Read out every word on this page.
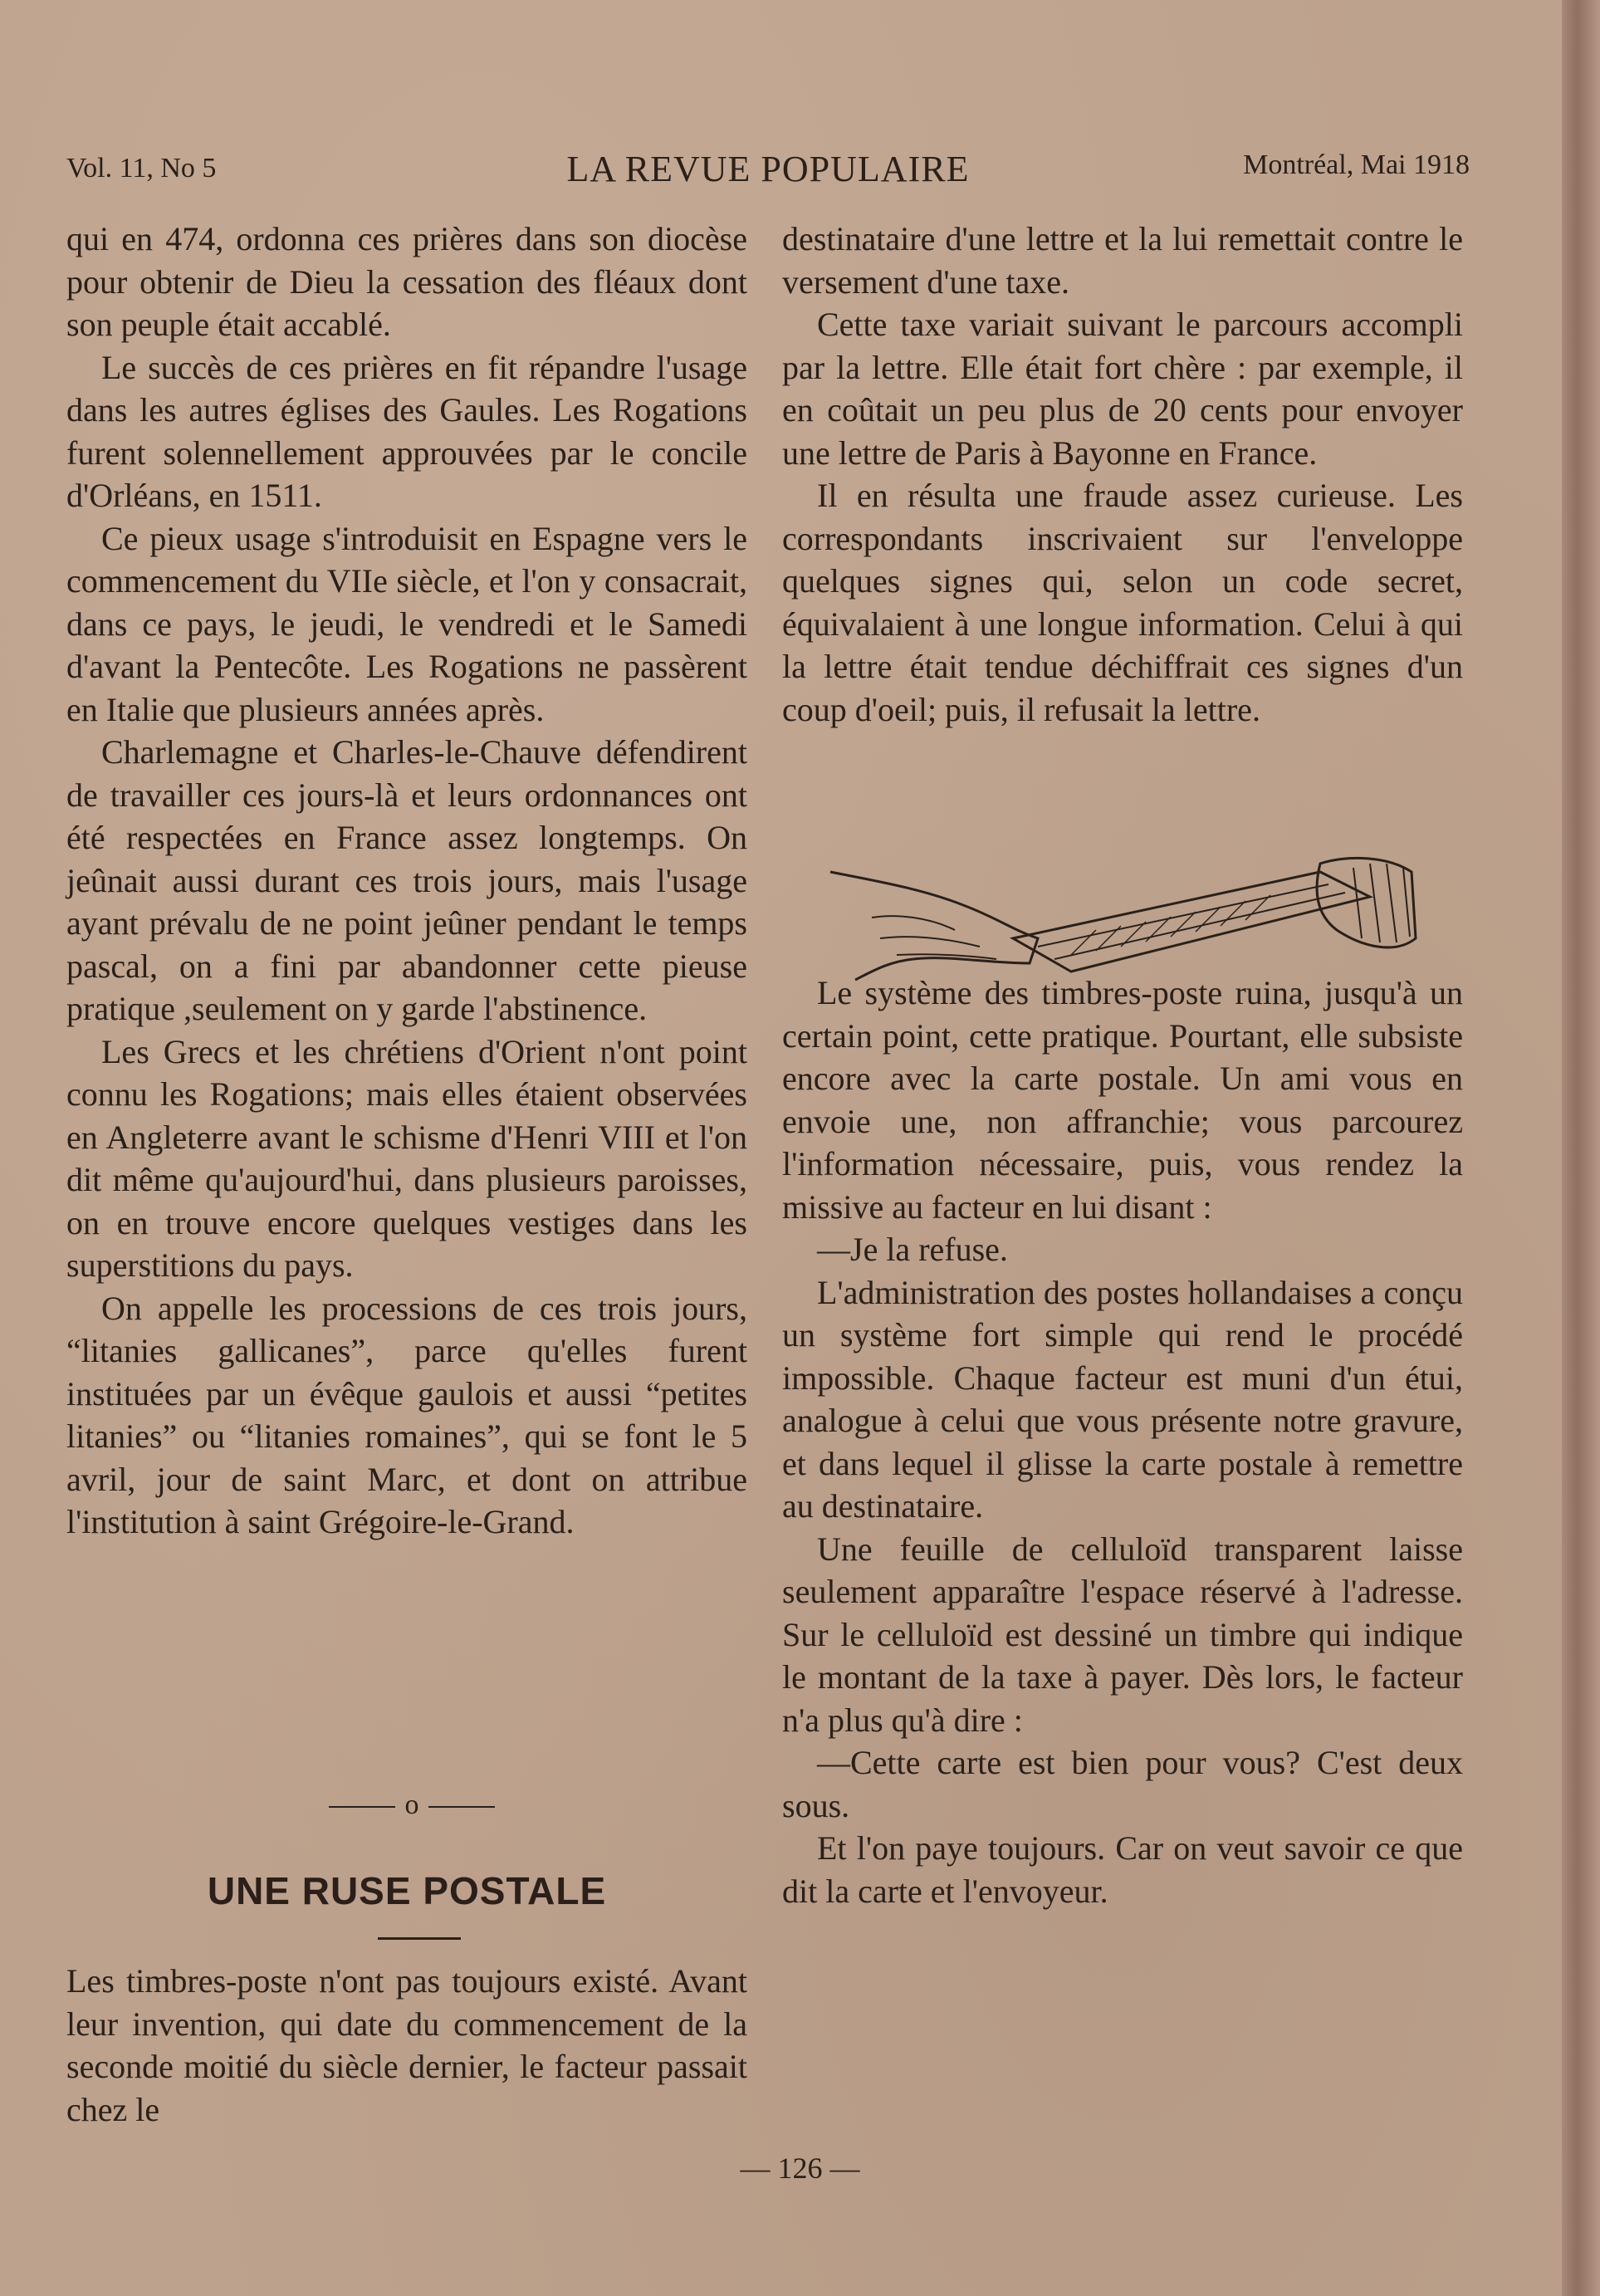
Vol. 11, No 5	LA REVUE POPULAIRE	Montréal, Mai 1918

qui en 474, ordonna ces prières dans son diocèse pour obtenir de Dieu la cessation des fléaux dont son peuple était accablé.

Le succès de ces prières en fit répandre l'usage dans les autres églises des Gaules. Les Rogations furent solennellement approuvées par le concile d'Orléans, en 1511.

Ce pieux usage s'introduisit en Espagne vers le commencement du VIIe siècle, et l'on y consacrait, dans ce pays, le jeudi, le vendredi et le Samedi d'avant la Pentecôte. Les Rogations ne passèrent en Italie que plusieurs années après.

Charlemagne et Charles-le-Chauve défendirent de travailler ces jours-là et leurs ordonnances ont été respectées en France assez longtemps. On jeûnait aussi durant ces trois jours, mais l'usage ayant prévalu de ne point jeûner pendant le temps pascal, on a fini par abandonner cette pieuse pratique ,seulement on y garde l'abstinence.

Les Grecs et les chrétiens d'Orient n'ont point connu les Rogations; mais elles étaient observées en Angleterre avant le schisme d'Henri VIII et l'on dit même qu'aujourd'hui, dans plusieurs paroisses, on en trouve encore quelques vestiges dans les superstitions du pays.

On appelle les processions de ces trois jours, “litanies gallicanes”, parce qu'elles furent instituées par un évêque gaulois et aussi “petites litanies” ou “litanies romaines”, qui se font le 5 avril, jour de saint Marc, et dont on attribue l'institution à saint Grégoire-le-Grand.

o
UNE RUSE POSTALE

Les timbres-poste n'ont pas toujours existé. Avant leur invention, qui date du commencement de la seconde moitié du siècle dernier, le facteur passait chez le

destinataire d'une lettre et la lui remettait contre le versement d'une taxe.

Cette taxe variait suivant le parcours accompli par la lettre. Elle était fort chère : par exemple, il en coûtait un peu plus de 20 cents pour envoyer une lettre de Paris à Bayonne en France.

Il en résulta une fraude assez curieuse. Les correspondants inscrivaient sur l'enveloppe quelques signes qui, selon un code secret, équivalaient à une longue information. Celui à qui la lettre était tendue déchiffrait ces signes d'un coup d'oeil; puis, il refusait la lettre.

Le système des timbres-poste ruina, jusqu'à un certain point, cette pratique. Pourtant, elle subsiste encore avec la carte postale. Un ami vous en envoie une, non affranchie; vous parcourez l'information nécessaire, puis, vous rendez la missive au facteur en lui disant :

—Je la refuse.

L'administration des postes hollandaises a conçu un système fort simple qui rend le procédé impossible. Chaque facteur est muni d'un étui, analogue à celui que vous présente notre gravure, et dans lequel il glisse la carte postale à remettre au destinataire.

Une feuille de celluloïd transparent laisse seulement apparaître l'espace réservé à l'adresse. Sur le celluloïd est dessiné un timbre qui indique le montant de la taxe à payer. Dès lors, le facteur n'a plus qu'à dire :

—Cette carte est bien pour vous? C'est deux sous.

Et l'on paye toujours. Car on veut savoir ce que dit la carte et l'envoyeur.

— 126 —
